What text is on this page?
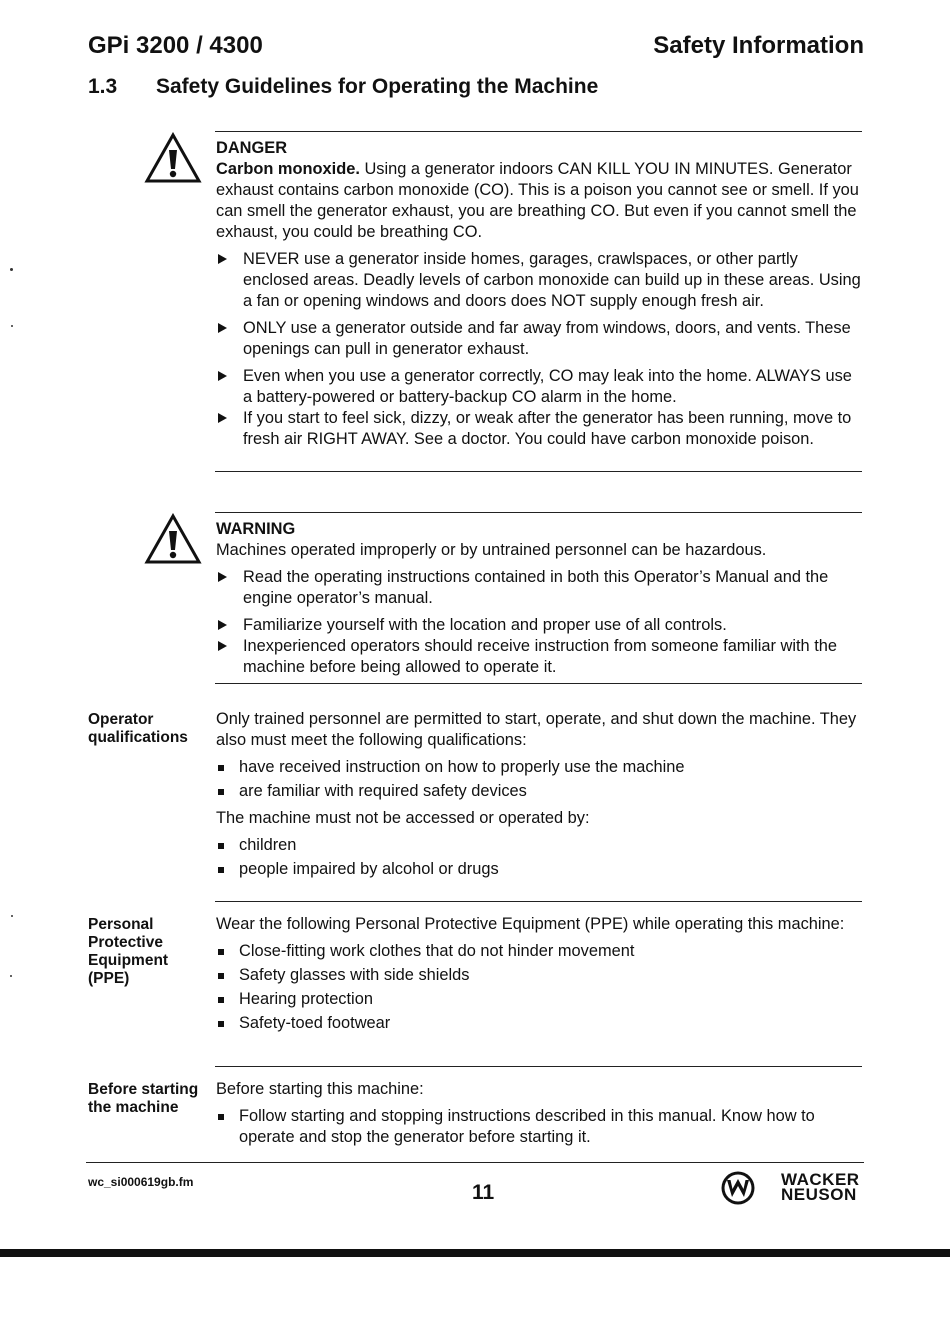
GPi 3200 / 4300	Safety Information
1.3 Safety Guidelines for Operating the Machine
DANGER

Carbon monoxide. Using a generator indoors CAN KILL YOU IN MINUTES. Generator exhaust contains carbon monoxide (CO). This is a poison you cannot see or smell. If you can smell the generator exhaust, you are breathing CO. But even if you cannot smell the exhaust, you could be breathing CO.

NEVER use a generator inside homes, garages, crawlspaces, or other partly enclosed areas. Deadly levels of carbon monoxide can build up in these areas. Using a fan or opening windows and doors does NOT supply enough fresh air.
ONLY use a generator outside and far away from windows, doors, and vents. These openings can pull in generator exhaust.
Even when you use a generator correctly, CO may leak into the home. ALWAYS use a battery-powered or battery-backup CO alarm in the home.
If you start to feel sick, dizzy, or weak after the generator has been running, move to fresh air RIGHT AWAY. See a doctor. You could have carbon monoxide poison.
WARNING

Machines operated improperly or by untrained personnel can be hazardous.

Read the operating instructions contained in both this Operator’s Manual and the engine operator’s manual.
Familiarize yourself with the location and proper use of all controls.
Inexperienced operators should receive instruction from someone familiar with the machine before being allowed to operate it.
Operator qualifications

Only trained personnel are permitted to start, operate, and shut down the machine. They also must meet the following qualifications:

have received instruction on how to properly use the machine
are familiar with required safety devices

The machine must not be accessed or operated by:

children
people impaired by alcohol or drugs
Personal Protective Equipment (PPE)

Wear the following Personal Protective Equipment (PPE) while operating this machine:

Close-fitting work clothes that do not hinder movement
Safety glasses with side shields
Hearing protection
Safety-toed footwear
Before starting the machine

Before starting this machine:

Follow starting and stopping instructions described in this manual. Know how to operate and stop the generator before starting it.
wc_si000619gb.fm	11
WACKER
NEUSON
